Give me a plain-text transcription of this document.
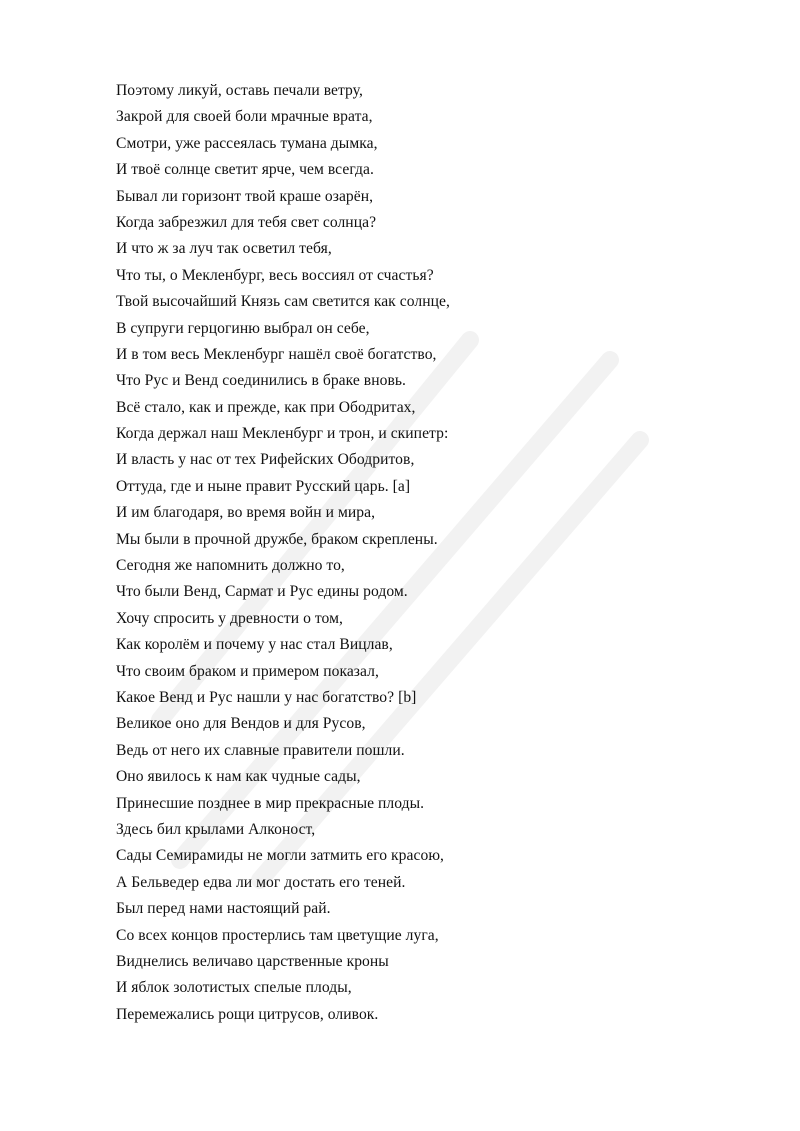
Поэтому ликуй, оставь печали ветру,
Закрой для своей боли мрачные врата,
Смотри, уже рассеялась тумана дымка,
И твоё солнце светит ярче, чем всегда.
Бывал ли горизонт твой краше озарён,
Когда забрезжил для тебя свет солнца?
И что ж за луч так осветил тебя,
Что ты, о Мекленбург, весь воссиял от счастья?
Твой высочайший Князь сам светится как солнце,
В супруги герцогиню выбрал он себе,
И в том весь Мекленбург нашёл своё богатство,
Что Рус и Венд соединились в браке вновь.
Всё стало, как и прежде, как при Ободритах,
Когда держал наш Мекленбург и трон, и скипетр:
И власть у нас от тех Рифейских Ободритов,
Оттуда, где и ныне правит Русский царь. [a]
И им благодаря, во время войн и мира,
Мы были в прочной дружбе, браком скреплены.
Сегодня же напомнить должно то,
Что были Венд, Сармат и Рус едины родом.
Хочу спросить у древности о том,
Как королём и почему у нас стал Вицлав,
Что своим браком и примером показал,
Какое Венд и Рус нашли у нас богатство? [b]
Великое оно для Вендов и для Русов,
Ведь от него их славные правители пошли.
Оно явилось к нам как чудные сады,
Принесшие позднее в мир прекрасные плоды.
Здесь бил крылами Алконост,
Сады Семирамиды не могли затмить его красою,
А Бельведер едва ли мог достать его теней.
Был перед нами настоящий рай.
Со всех концов простерлись там цветущие луга,
Виднелись величаво царственные кроны
И яблок золотистых спелые плоды,
Перемежались рощи цитрусов, оливок.
